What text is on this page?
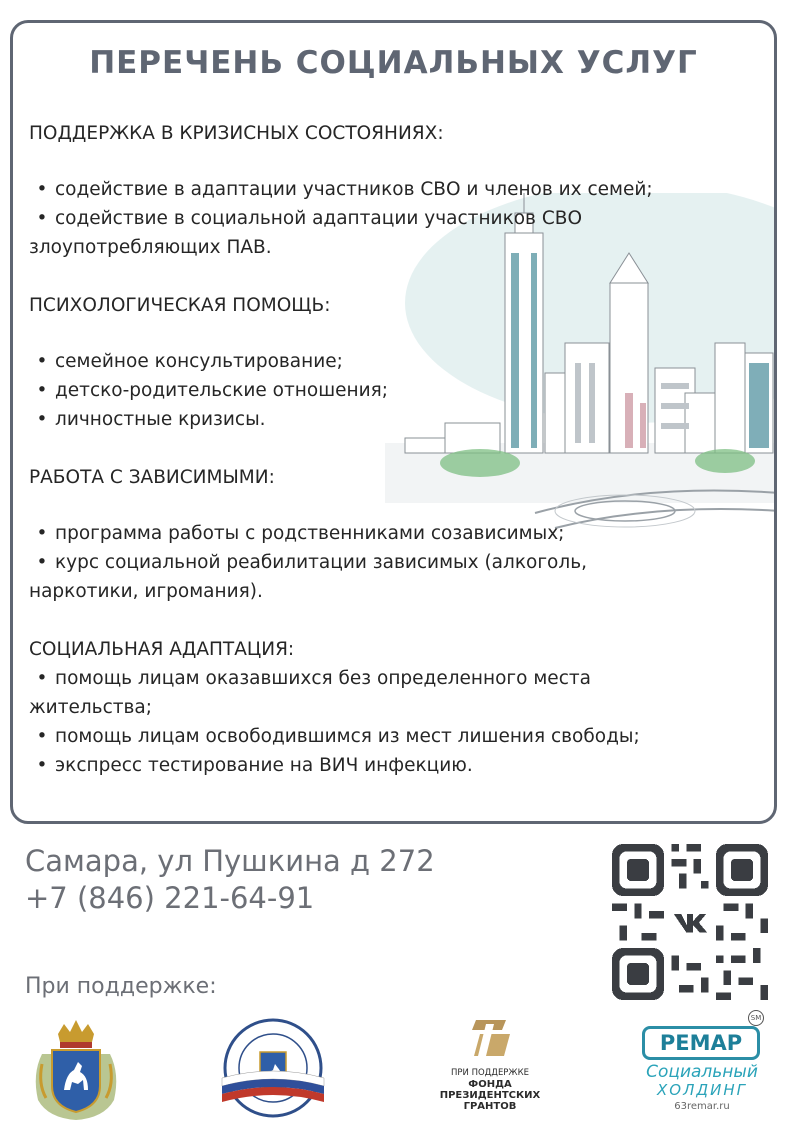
ПЕРЕЧЕНЬ СОЦИАЛЬНЫХ УСЛУГ

ПОДДЕРЖКА В КРИЗИСНЫХ СОСТОЯНИЯХ:

• содействие в адаптации участников СВО и членов их семей;

• содействие в социальной адаптации участников СВО
злоупотребляющих ПАВ.

ПСИХОЛОГИЧЕСКАЯ ПОМОЩЬ:

• семейное консультирование;

• детско-родительские отношения;

• личностные кризисы.

РАБОТА С ЗАВИСИМЫМИ:

• программа работы с родственниками созависимых;

• курс социальной реабилитации зависимых (алкоголь,
наркотики, игромания).

СОЦИАЛЬНАЯ АДАПТАЦИЯ:

• помощь лицам оказавшихся без определенного места
жительства;

• помощь лицам освободившимся из мест лишения свободы;

• экспресс тестирование на ВИЧ инфекцию.

Самара, ул Пушкина д 272
+7 (846) 221-64-91
При поддержке:
ПРИ ПОДДЕРЖКЕ
ФОНДА
ПРЕЗИДЕНТСКИХ
ГРАНТОВ
РЕМАР
SM
Социальный
ХОЛДИНГ
63remar.ru
